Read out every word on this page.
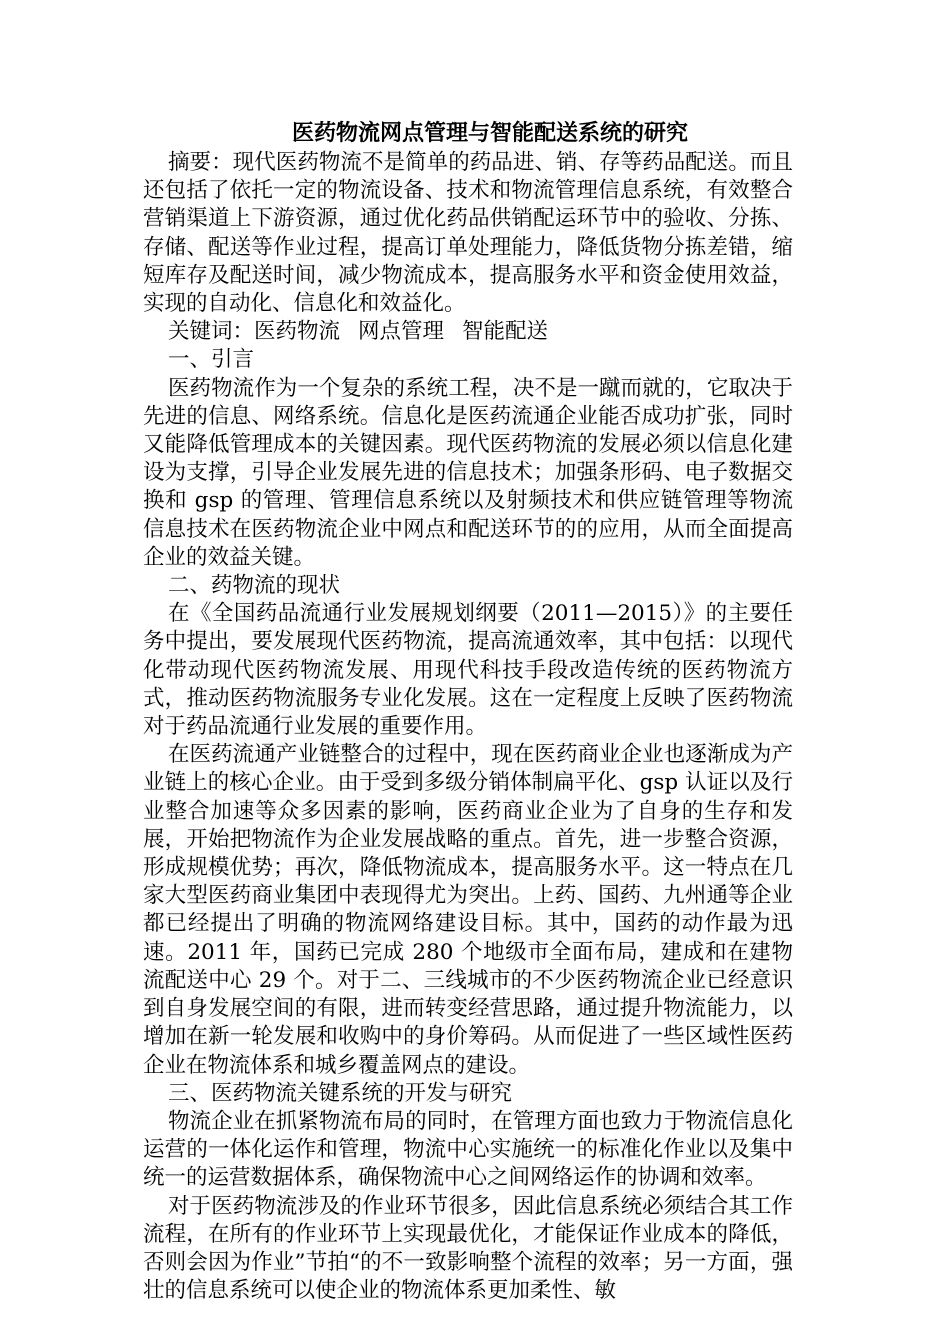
医药物流网点管理与智能配送系统的研究

摘要：现代医药物流不是简单的药品进、销、存等药品配送。而且还包括了依托一定的物流设备、技术和物流管理信息系统，有效整合营销渠道上下游资源，通过优化药品供销配运环节中的验收、分拣、存储、配送等作业过程，提高订单处理能力，降低货物分拣差错，缩短库存及配送时间，减少物流成本，提高服务水平和资金使用效益，实现的自动化、信息化和效益化。

关键词：医药物流 网点管理 智能配送

一、引言

医药物流作为一个复杂的系统工程，决不是一蹴而就的，它取决于先进的信息、网络系统。信息化是医药流通企业能否成功扩张，同时又能降低管理成本的关键因素。现代医药物流的发展必须以信息化建设为支撑，引导企业发展先进的信息技术；加强条形码、电子数据交换和 gsp 的管理、管理信息系统以及射频技术和供应链管理等物流信息技术在医药物流企业中网点和配送环节的的应用，从而全面提高企业的效益关键。

二、药物流的现状

在《全国药品流通行业发展规划纲要（2011—2015）》的主要任务中提出，要发展现代医药物流，提高流通效率，其中包括：以现代化带动现代医药物流发展、用现代科技手段改造传统的医药物流方式，推动医药物流服务专业化发展。这在一定程度上反映了医药物流对于药品流通行业发展的重要作用。

在医药流通产业链整合的过程中，现在医药商业企业也逐渐成为产业链上的核心企业。由于受到多级分销体制扁平化、gsp 认证以及行业整合加速等众多因素的影响，医药商业企业为了自身的生存和发展，开始把物流作为企业发展战略的重点。首先，进一步整合资源，形成规模优势；再次，降低物流成本，提高服务水平。这一特点在几家大型医药商业集团中表现得尤为突出。上药、国药、九州通等企业都已经提出了明确的物流网络建设目标。其中，国药的动作最为迅速。2011 年，国药已完成 280 个地级市全面布局，建成和在建物流配送中心 29 个。对于二、三线城市的不少医药物流企业已经意识到自身发展空间的有限，进而转变经营思路，通过提升物流能力，以增加在新一轮发展和收购中的身价筹码。从而促进了一些区域性医药企业在物流体系和城乡覆盖网点的建设。

三、医药物流关键系统的开发与研究

物流企业在抓紧物流布局的同时，在管理方面也致力于物流信息化运营的一体化运作和管理，物流中心实施统一的标准化作业以及集中统一的运营数据体系，确保物流中心之间网络运作的协调和效率。

对于医药物流涉及的作业环节很多，因此信息系统必须结合其工作流程，在所有的作业环节上实现最优化，才能保证作业成本的降低，否则会因为作业”节拍“的不一致影响整个流程的效率；另一方面，强壮的信息系统可以使企业的物流体系更加柔性、敏
